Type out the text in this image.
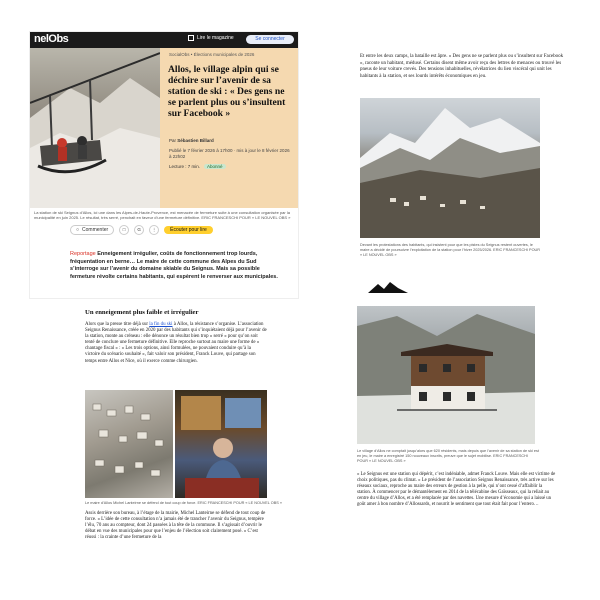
nelObs	Lire le magazine	Se connecter
SocialObs • Élections municipales de 2026
Allos, le village alpin qui se déchire sur l’avenir de sa station de ski : « Des gens ne se parlent plus ou s’insultent sur Facebook »
Par Sébastien Billard
Publié le 7 février 2026 à 17h00 · mis à jour le 8 février 2026 à 22h02
Lecture : 7 min.	Abonné
La station de ski Seignus d’Allos, ici une dans les Alpes-de-Haute-Provence, est menacée de fermeture suite à une consultation organisée par la municipalité en juin 2025. Le résultat, très serré, penchait en faveur d’une fermeture définitive. ERIC FRANCESCHI POUR « LE NOUVEL OBS »
○ Commenter	□	G	⋮	Écouter pour lire

Reportage Enneigement irrégulier, coûts de fonctionnement trop lourds, fréquentation en berne… Le maire de cette commune des Alpes du Sud s’interroge sur l’avenir du domaine skiable du Seignus. Mais sa possible fermeture révolte certains habitants, qui espèrent le renverser aux municipales.

Et entre les deux camps, la bataille est âpre. « Des gens ne se parlent plus ou s’insultent sur Facebook », raconte un habitant, médusé. Certains disent même avoir reçu des lettres de menaces ou trouvé les pneus de leur voiture crevés. Des tensions inhabituelles, révélatrices du lien viscéral qui unit les habitants à la station, et ses lourds intérêts économiques en jeu.

Devant les protestations des habitants, qui insistent pour que les pistes du Seignus restent ouvertes, le maire a décidé de poursuivre l’exploitation de la station pour l’hiver 2025/2026. ERIC FRANCESCHI POUR « LE NOUVEL OBS »
Un enneigement plus faible et irrégulier

Alors que la presse titre déjà sur la fin du ski à Allos, la résistance s’organise. L’association Seignus Renaissance, créée en 2020 par des habitants qui s’inquiétaient déjà pour l’avenir de la station, monte au créneau : elle dénonce un résultat bien trop « serré » pour qu’on soit tenté de conclure une fermeture définitive. Elle reproche surtout au maire une forme de « chantage fiscal » : « Les trois options, ainsi formulées, ne pouvaient conduire qu’à la victoire du scénario souhaité », fait valoir son président, Franck Louve, qui partage son temps entre Allos et Nice, où il exerce comme chirurgien.

Le maire d’Allos Michel Lanteirne se défend de tout coup de force. ERIC FRANCESCHI POUR « LE NOUVEL OBS »

Assis derrière son bureau, à l’étage de la mairie, Michel Lanteirne se défend de tout coup de force. « L’idée de cette consultation n’a jamais été de trancher l’avenir du Seignus, tempère l’élu, 70 ans au compteur, dont 24 passées à la tête de la commune. Il s’agissait d’ouvrir le débat en vue des municipales pour que l’enjeu de l’élection soit clairement posé. » C’est réussi : la crainte d’une fermeture de la

Le village d’Allos ne comptait jusqu’alors que 620 résidents, mais depuis que l’avenir de sa station de ski est en jeu, le maire a enregistré 150 nouveaux inscrits, preuve que le sujet mobilise. ERIC FRANCESCHI POUR « LE NOUVEL OBS »

« Le Seignus est une station qui dépérit, c’est indéniable, admet Franck Louve. Mais elle est victime de choix politiques, pas du climat. » Le président de l’association Seignus Renaissance, très active sur les réseaux sociaux, reproche au maire des erreurs de gestion à la pelle, qui n’ont cessé d’affaiblir la station. À commencer par le démantèlement en 2014 de la télécabine des Gaïsseaux, qui la reliait au centre du village d’Allos, et a été remplacée par des navettes. Une mesure d’économie qui a laissé un goût amer à bon nombre d’Allossards, et nourrit le sentiment que tout était fait pour l’entero…
